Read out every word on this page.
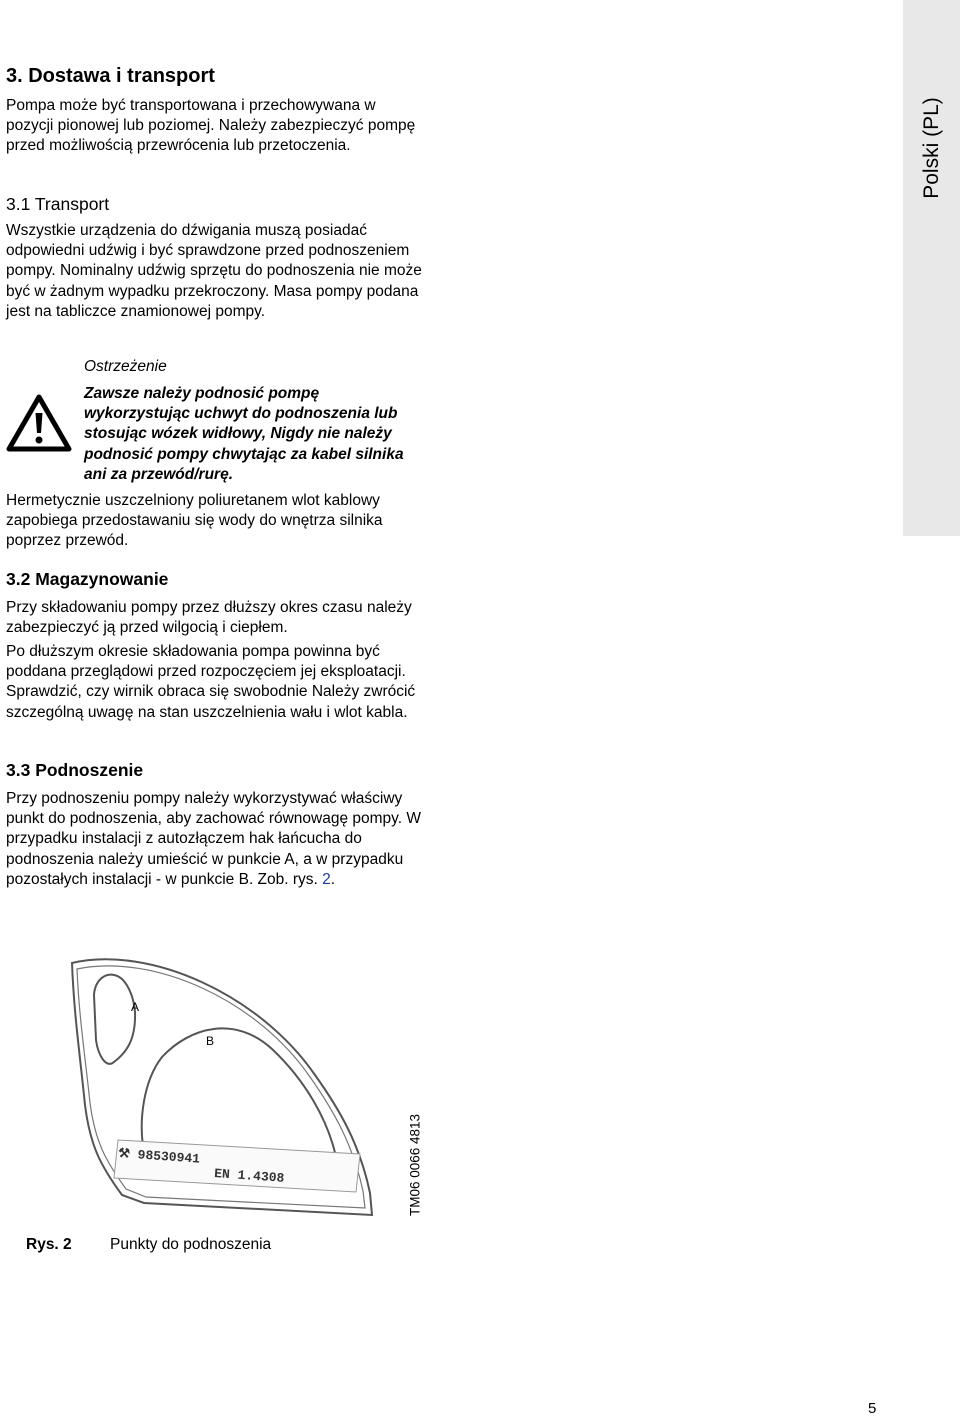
Polski (PL)
3. Dostawa i transport

Pompa może być transportowana i przechowywana w pozycji pionowej lub poziomej. Należy zabezpieczyć pompę przed możliwością przewrócenia lub przetoczenia.

3.1 Transport

Wszystkie urządzenia do dźwigania muszą posiadać odpowiedni udźwig i być sprawdzone przed podnoszeniem pompy. Nominalny udźwig sprzętu do podnoszenia nie może być w żadnym wypadku przekroczony. Masa pompy podana jest na tabliczce znamionowej pompy.

Ostrzeżenie

Zawsze należy podnosić pompę wykorzystując uchwyt do podnoszenia lub stosując wózek widłowy, Nigdy nie należy podnosić pompy chwytając za kabel silnika ani za przewód/rurę.

Hermetycznie uszczelniony poliuretanem wlot kablowy zapobiega przedostawaniu się wody do wnętrza silnika poprzez przewód.

3.2 Magazynowanie

Przy składowaniu pompy przez dłuższy okres czasu należy zabezpieczyć ją przed wilgocią i ciepłem.

Po dłuższym okresie składowania pompa powinna być poddana przeglądowi przed rozpoczęciem jej eksploatacji. Sprawdzić, czy wirnik obraca się swobodnie Należy zwrócić szczególną uwagę na stan uszczelnienia wału i wlot kabla.

3.3 Podnoszenie

Przy podnoszeniu pompy należy wykorzystywać właściwy punkt do podnoszenia, aby zachować równowagę pompy. W przypadku instalacji z autozłączem hak łańcucha do podnoszenia należy umieścić w punkcie A, a w przypadku pozostałych instalacji - w punkcie B. Zob. rys. 2.

A
B
⚒ 98530941
EN 1.4308	TM06 0066 4813

Rys. 2 Punkty do podnoszenia

5
